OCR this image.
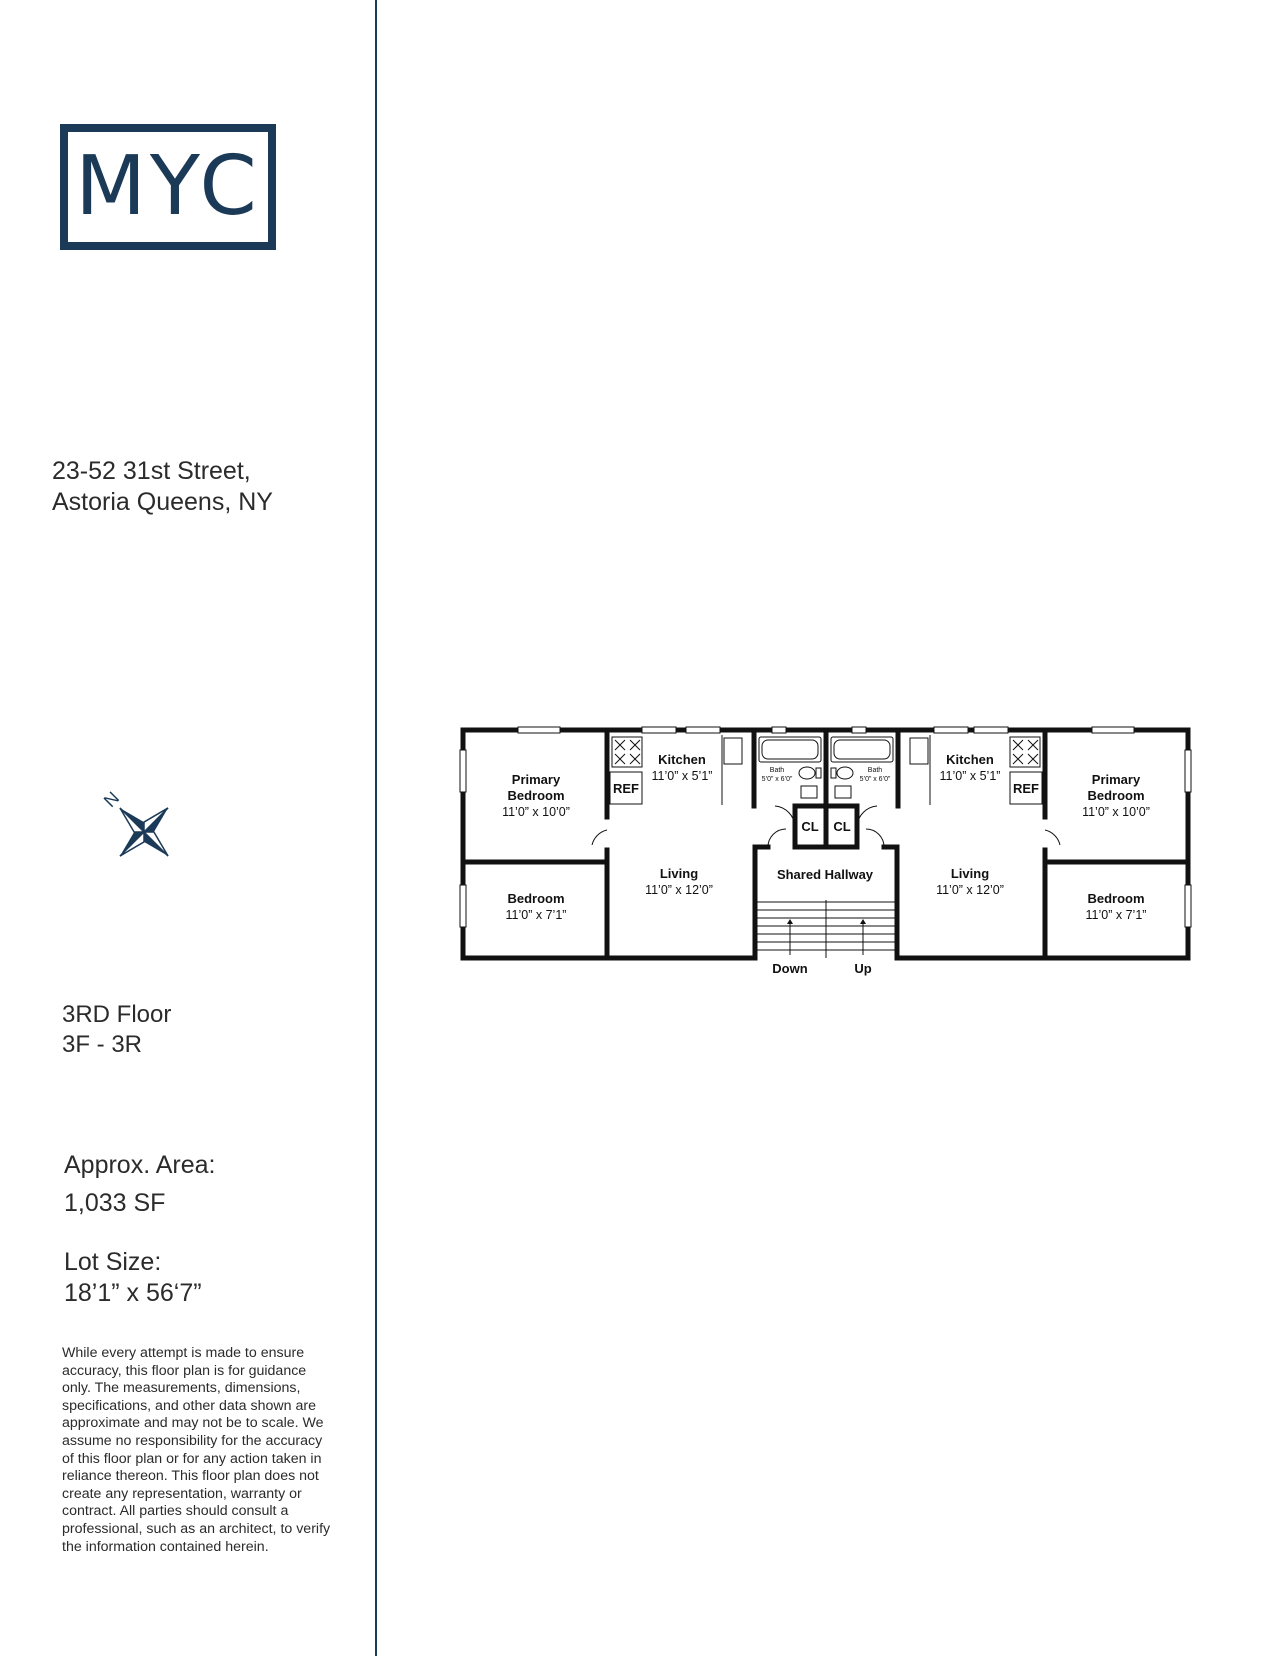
MYC
23-52 31st Street,
Astoria Queens, NY
N
3RD Floor
3F - 3R
Approx. Area:
1,033 SF
Lot Size:
18’1” x 56‘7”
While every attempt is made to ensure accuracy, this floor plan is for guidance only. The measurements, dimensions, specifications, and other data shown are approximate and may not be to scale. We assume no responsibility for the accuracy of this floor plan or for any action taken in reliance thereon. This floor plan does not create any representation, warranty or contract. All parties should consult a professional, such as an architect, to verify the information contained herein.
Primary
Bedroom
11’0” x 10’0”
Kitchen
11’0” x 5’1”
REF
Bath
5’0” x 6’0”
CL CL
Living
11’0” x 12’0”
Bedroom
11’0” x 7’1”
Shared Hallway
Down	Up
Living
11’0” x 12’0”
Kitchen
11’0” x 5’1”
REF
Bath
5’0” x 6’0”	Primary
Bedroom
11’0” x 10’0”
Bedroom
11’0” x 7’1”
